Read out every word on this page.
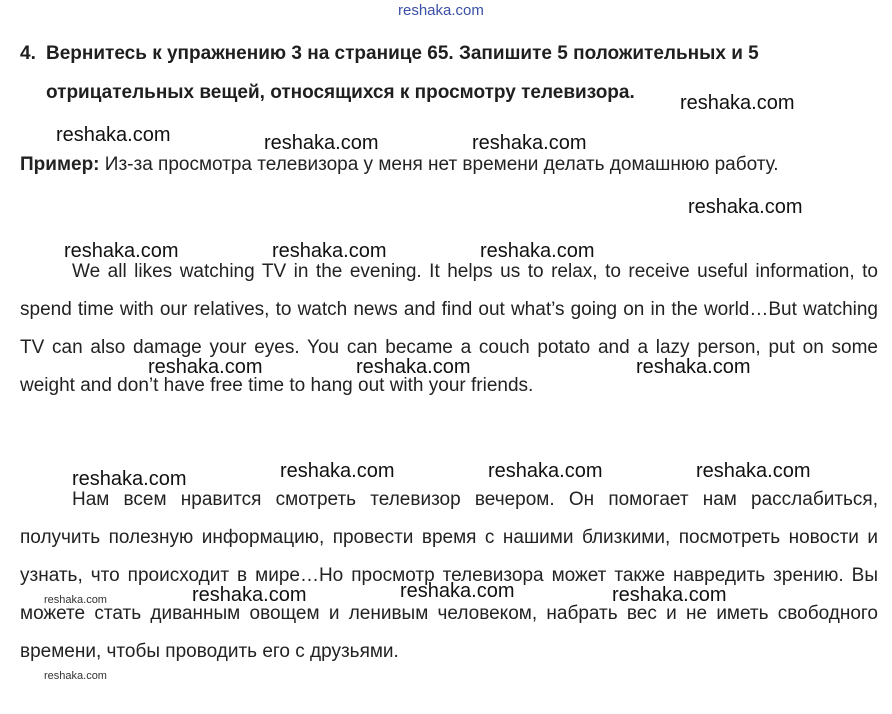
reshaka.com
4. Вернитесь к упражнению 3 на странице 65. Запишите 5 положительных и 5
отрицательных вещей, относящихся к просмотру телевизора.
Пример: Из-за просмотра телевизора у меня нет времени делать домашнюю работу.
We all likes watching TV in the evening. It helps us to relax, to receive useful information, to spend time with our relatives, to watch news and find out what’s going on in the world…But watching TV can also damage your eyes. You can became a couch potato and a lazy person, put on some weight and don’t have free time to hang out with your friends.
Нам всем нравится смотреть телевизор вечером. Он помогает нам расслабиться, получить полезную информацию, провести время с нашими близкими, посмотреть новости и узнать, что происходит в мире…Но просмотр телевизора может также навредить зрению. Вы можете стать диванным овощем и ленивым человеком, набрать вес и не иметь свободного времени, чтобы проводить его с друзьями.
reshaka.com
reshaka.com	reshaka.com	reshaka.com
reshaka.com
reshaka.com	reshaka.com	reshaka.com
reshaka.com	reshaka.com	reshaka.com
reshaka.com	reshaka.com	reshaka.com	reshaka.com
reshaka.com	reshaka.com	reshaka.com	reshaka.com
reshaka.com
